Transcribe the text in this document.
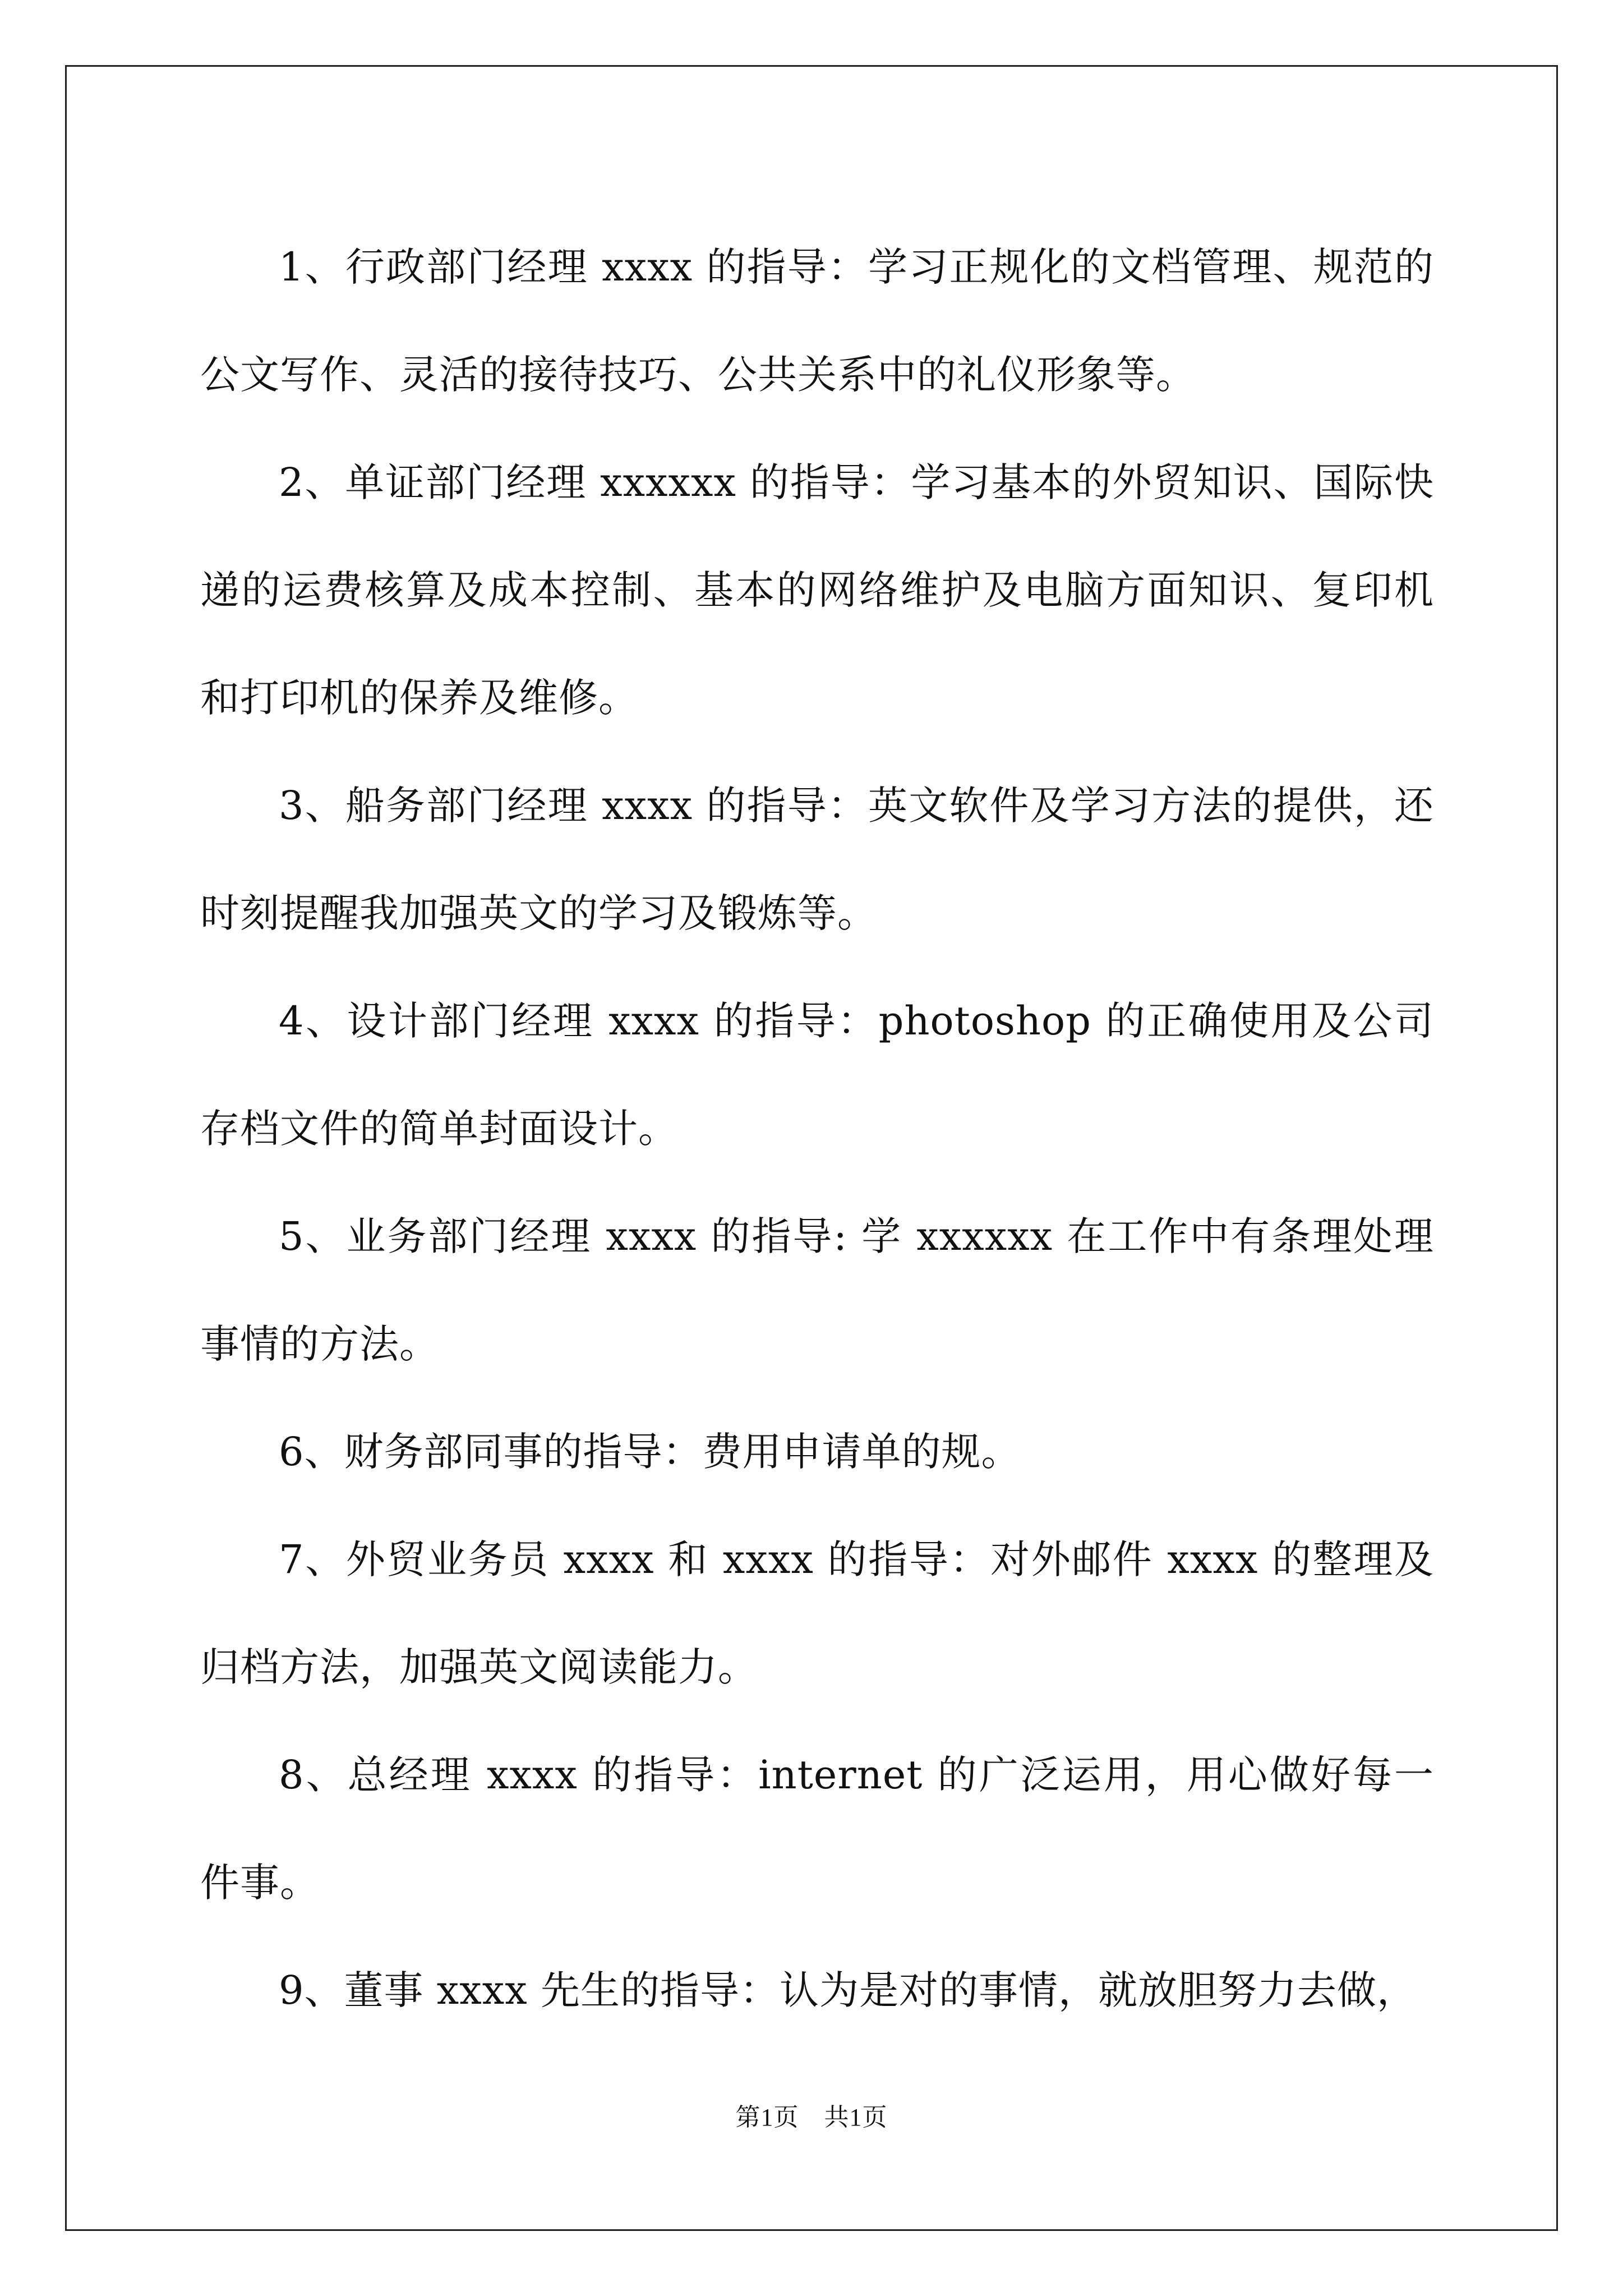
1、行政部门经理 xxxx 的指导：学习正规化的文档管理、规范的公文写作、灵活的接待技巧、公共关系中的礼仪形象等。

2、单证部门经理 xxxxxx 的指导：学习基本的外贸知识、国际快递的运费核算及成本控制、基本的网络维护及电脑方面知识、复印机和打印机的保养及维修。

3、船务部门经理 xxxx 的指导：英文软件及学习方法的提供，还时刻提醒我加强英文的学习及锻炼等。

4、设计部门经理 xxxx 的指导：photoshop 的正确使用及公司存档文件的简单封面设计。

5、业务部门经理 xxxx 的指导: 学 xxxxxx 在工作中有条理处理事情的方法。

6、财务部同事的指导：费用申请单的规。

7、外贸业务员 xxxx 和 xxxx 的指导：对外邮件 xxxx 的整理及归档方法，加强英文阅读能力。

8、总经理 xxxx 的指导：internet 的广泛运用，用心做好每一件事。

9、董事 xxxx 先生的指导：认为是对的事情，就放胆努力去做，

第1页　共1页
